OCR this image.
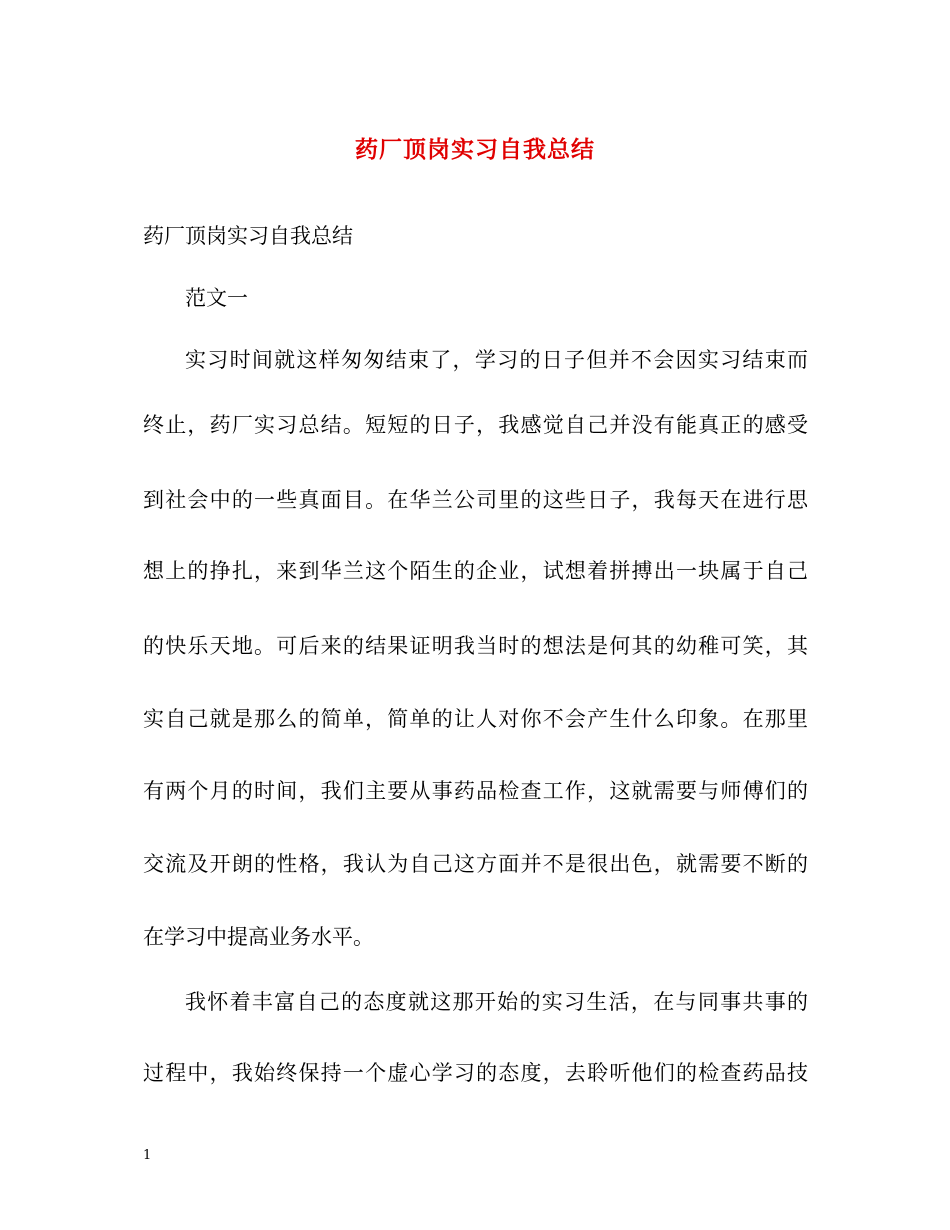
药厂顶岗实习自我总结
药厂顶岗实习自我总结
范文一
实习时间就这样匆匆结束了，学习的日子但并不会因实习结束而
终止，药厂实习总结。短短的日子，我感觉自己并没有能真正的感受
到社会中的一些真面目。在华兰公司里的这些日子，我每天在进行思
想上的挣扎，来到华兰这个陌生的企业，试想着拼搏出一块属于自己
的快乐天地。可后来的结果证明我当时的想法是何其的幼稚可笑，其
实自己就是那么的简单，简单的让人对你不会产生什么印象。在那里
有两个月的时间，我们主要从事药品检查工作，这就需要与师傅们的
交流及开朗的性格，我认为自己这方面并不是很出色，就需要不断的
在学习中提高业务水平。
我怀着丰富自己的态度就这那开始的实习生活，在与同事共事的
过程中，我始终保持一个虚心学习的态度，去聆听他们的检查药品技
1
